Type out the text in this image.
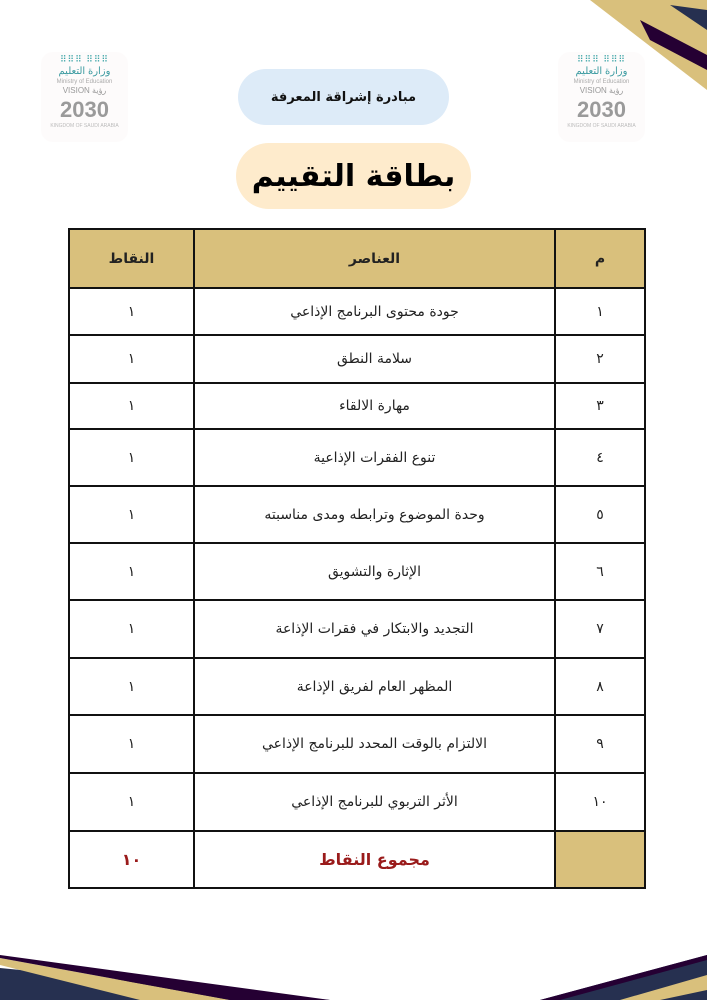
⠿⠿⠿ ⠿⠿⠿
وزارة التعليم
Ministry of Education
VISION رؤية
2030
KINGDOM OF SAUDI ARABIA
⠿⠿⠿ ⠿⠿⠿
وزارة التعليم
Ministry of Education
VISION رؤية
2030
KINGDOM OF SAUDI ARABIA
مبادرة إشراقة المعرفة
بطاقة التقييم
م	العناصر	النقاط
١	جودة محتوى البرنامج الإذاعي	١
٢	سلامة النطق	١
٣	مهارة الالقاء	١
٤	تنوع الفقرات الإذاعية	١
٥	وحدة الموضوع وترابطه ومدى مناسبته	١
٦	الإثارة والتشويق	١
٧	التجديد والابتكار في فقرات الإذاعة	١
٨	المظهر العام لفريق الإذاعة	١
٩	الالتزام بالوقت المحدد للبرنامج الإذاعي	١
١٠	الأثر التربوي للبرنامج الإذاعي	١
	مجموع النقاط	١٠
